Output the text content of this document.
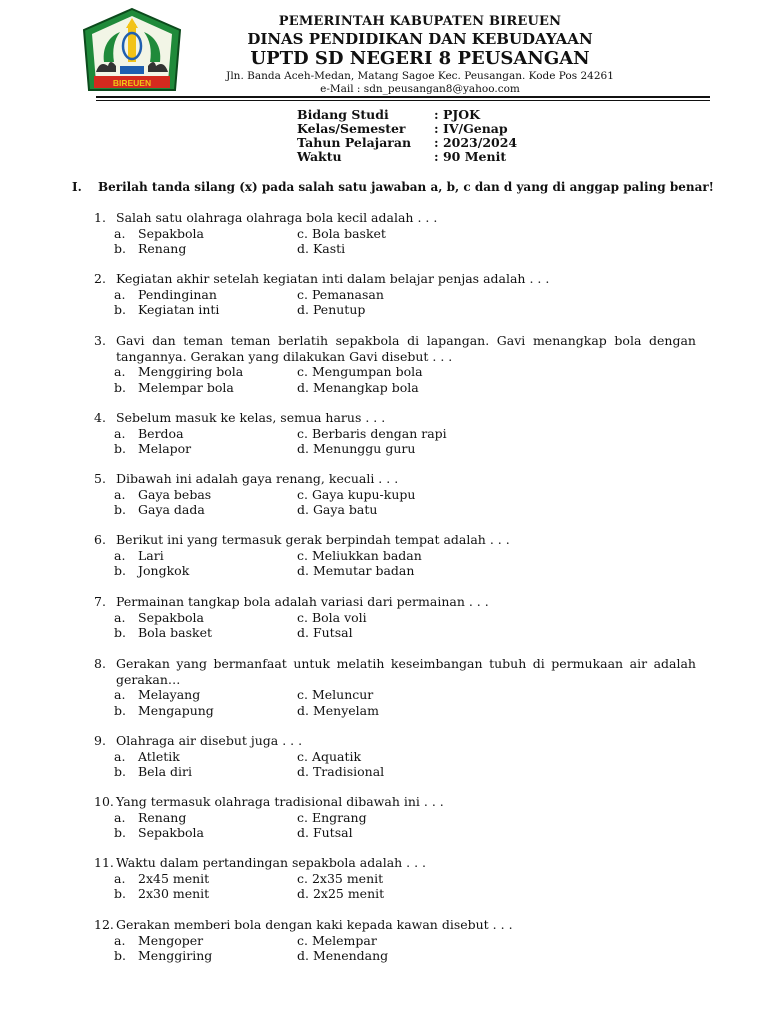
BIREUEN
PEMERINTAH KABUPATEN BIREUEN
DINAS PENDIDIKAN DAN KEBUDAYAAN
UPTD SD NEGERI 8 PEUSANGAN
Jln. Banda Aceh-Medan, Matang Sagoe Kec. Peusangan. Kode Pos 24261
e-Mail : sdn_peusangan8@yahoo.com
Bidang Studi	: PJOK
Kelas/Semester	: IV/Genap
Tahun Pelajaran	: 2023/2024
Waktu	: 90 Menit
I.	Berilah tanda silang (x) pada salah satu jawaban a, b, c dan d yang di anggap paling benar!
1. Salah satu olahraga olahraga bola kecil adalah . . .
a.	Sepakbola	c. Bola basket
b. Renang	d. Kasti
2. Kegiatan akhir setelah kegiatan inti dalam belajar penjas adalah . . .
a.	Pendinginan	c. Pemanasan
b. Kegiatan inti	d. Penutup
3. Gavi dan teman teman berlatih sepakbola di lapangan. Gavi menangkap bola dengan tangannya. Gerakan yang dilakukan Gavi disebut . . .
a.	Menggiring bola	c. Mengumpan bola
b. Melempar bola	d. Menangkap bola
4. Sebelum masuk ke kelas, semua harus . . .
a.	Berdoa	c. Berbaris dengan rapi
b. Melapor	d. Menunggu guru
5. Dibawah ini adalah gaya renang, kecuali . . .
a.	Gaya bebas	c. Gaya kupu-kupu
b. Gaya dada	d. Gaya batu
6. Berikut ini yang termasuk gerak berpindah tempat adalah . . .
a.	Lari	c. Meliukkan badan
b. Jongkok	d. Memutar badan
7. Permainan tangkap bola adalah variasi dari permainan . . .
a.	Sepakbola	c. Bola voli
b. Bola basket	d. Futsal
8. Gerakan yang bermanfaat untuk melatih keseimbangan tubuh di permukaan air adalah gerakan…
a.	Melayang	c. Meluncur
b. Mengapung	d. Menyelam
9. Olahraga air disebut juga . . .
a.	Atletik	c. Aquatik
b. Bela diri	d. Tradisional
10. Yang termasuk olahraga tradisional dibawah ini . . .
a.	Renang	c. Engrang
b. Sepakbola	d. Futsal
11. Waktu dalam pertandingan sepakbola adalah . . .
a.	2x45 menit	c. 2x35 menit
b. 2x30 menit	d. 2x25 menit
12. Gerakan memberi bola dengan kaki kepada kawan disebut . . .
a.	Mengoper	c. Melempar
b. Menggiring	d. Menendang
